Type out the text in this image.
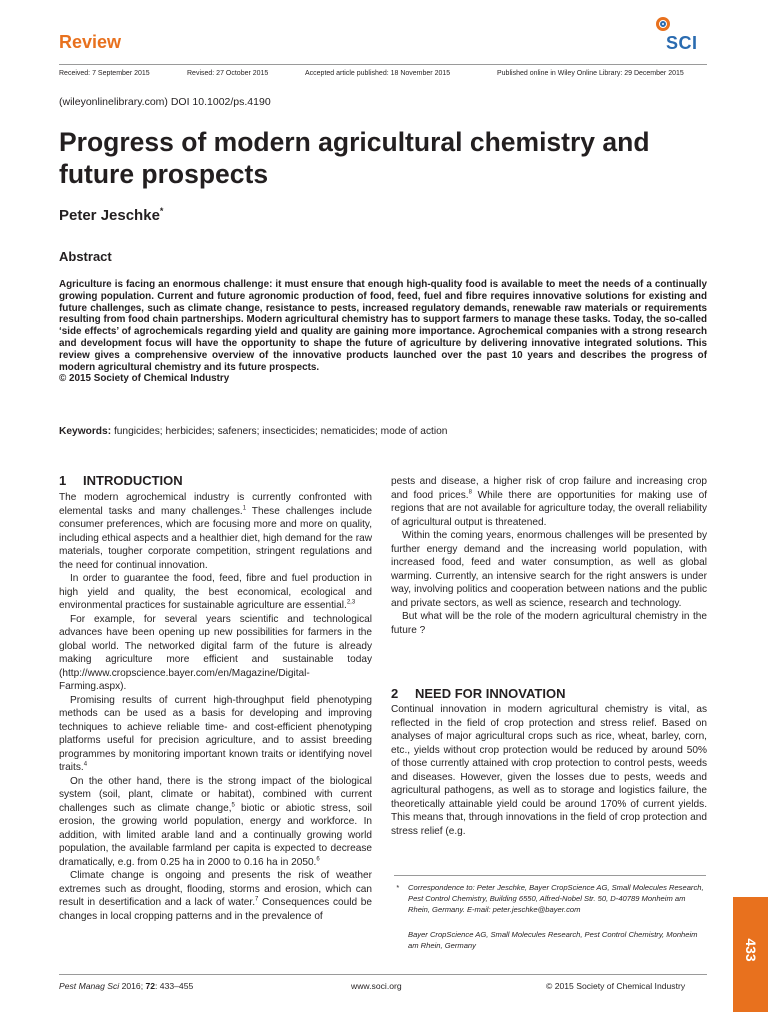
Review	SCI
Received: 7 September 2015	Revised: 27 October 2015	Accepted article published: 18 November 2015	Published online in Wiley Online Library: 29 December 2015
(wileyonlinelibrary.com) DOI 10.1002/ps.4190
Progress of modern agricultural chemistry and future prospects
Peter Jeschke*
Abstract
Agriculture is facing an enormous challenge: it must ensure that enough high-quality food is available to meet the needs of a continually growing population. Current and future agronomic production of food, feed, fuel and fibre requires innovative solutions for existing and future challenges, such as climate change, resistance to pests, increased regulatory demands, renewable raw materials or requirements resulting from food chain partnerships. Modern agricultural chemistry has to support farmers to manage these tasks. Today, the so-called ‘side effects’ of agrochemicals regarding yield and quality are gaining more importance. Agrochemical companies with a strong research and development focus will have the opportunity to shape the future of agriculture by delivering innovative integrated solutions. This review gives a comprehensive overview of the innovative products launched over the past 10 years and describes the progress of modern agricultural chemistry and its future prospects.
© 2015 Society of Chemical Industry
Keywords: fungicides; herbicides; safeners; insecticides; nematicides; mode of action
1 INTRODUCTION

The modern agrochemical industry is currently confronted with elemental tasks and many challenges.$^1$ These challenges include consumer preferences, which are focusing more and more on quality, including ethical aspects and a healthier diet, high demand for the raw materials, tougher corporate competition, stringent regulations and the need for continual innovation.

In order to guarantee the food, feed, fibre and fuel production in high yield and quality, the best economical, ecological and environmental practices for sustainable agriculture are essential.$^{2,3}$

For example, for several years scientific and technological advances have been opening up new possibilities for farmers in the global world. The networked digital farm of the future is already making agriculture more efficient and sustainable today (http://www.cropscience.bayer.com/en/Magazine/Digital-Farming.aspx).

Promising results of current high-throughput field phenotyping methods can be used as a basis for developing and improving techniques to achieve reliable time- and cost-efficient phenotyping platforms useful for precision agriculture, and to assist breeding programmes by monitoring important known traits or identifying novel traits.$^4$

On the other hand, there is the strong impact of the biological system (soil, plant, climate or habitat), combined with current challenges such as climate change,$^5$ biotic or abiotic stress, soil erosion, the growing world population, energy and workforce. In addition, with limited arable land and a continually growing world population, the available farmland per capita is expected to decrease dramatically, e.g. from 0.25 ha in 2000 to 0.16 ha in 2050.$^6$

Climate change is ongoing and presents the risk of weather extremes such as drought, flooding, storms and erosion, which can result in desertification and a lack of water.$^7$ Consequences could be changes in local cropping patterns and in the prevalence of

pests and disease, a higher risk of crop failure and increasing crop and food prices.$^8$ While there are opportunities for making use of regions that are not available for agriculture today, the overall reliability of agricultural output is threatened.

Within the coming years, enormous challenges will be presented by further energy demand and the increasing world population, with increased food, feed and water consumption, as well as global warming. Currently, an intensive search for the right answers is under way, involving politics and cooperation between nations and the public and private sectors, as well as science, research and technology.

But what will be the role of the modern agricultural chemistry in the future ?

2 NEED FOR INNOVATION

Continual innovation in modern agricultural chemistry is vital, as reflected in the field of crop protection and stress relief. Based on analyses of major agricultural crops such as rice, wheat, barley, corn, etc., yields without crop protection would be reduced by around 50% of those currently attained with crop protection to control pests, weeds and diseases. However, given the losses due to pests, weeds and agricultural pathogens, as well as to storage and logistics failure, the theoretically attainable yield could be around 170% of current yields. This means that, through innovations in the field of crop protection and stress relief (e.g.

*	Correspondence to: Peter Jeschke, Bayer CropScience AG, Small Molecules Research, Pest Control Chemistry, Building 6550, Alfred-Nobel Str. 50, D-40789 Monheim am Rhein, Germany. E-mail: peter.jeschke@bayer.com
Bayer CropScience AG, Small Molecules Research, Pest Control Chemistry, Monheim am Rhein, Germany
Pest Manag Sci 2016; 72: 433–455	www.soci.org	© 2015 Society of Chemical Industry
433
